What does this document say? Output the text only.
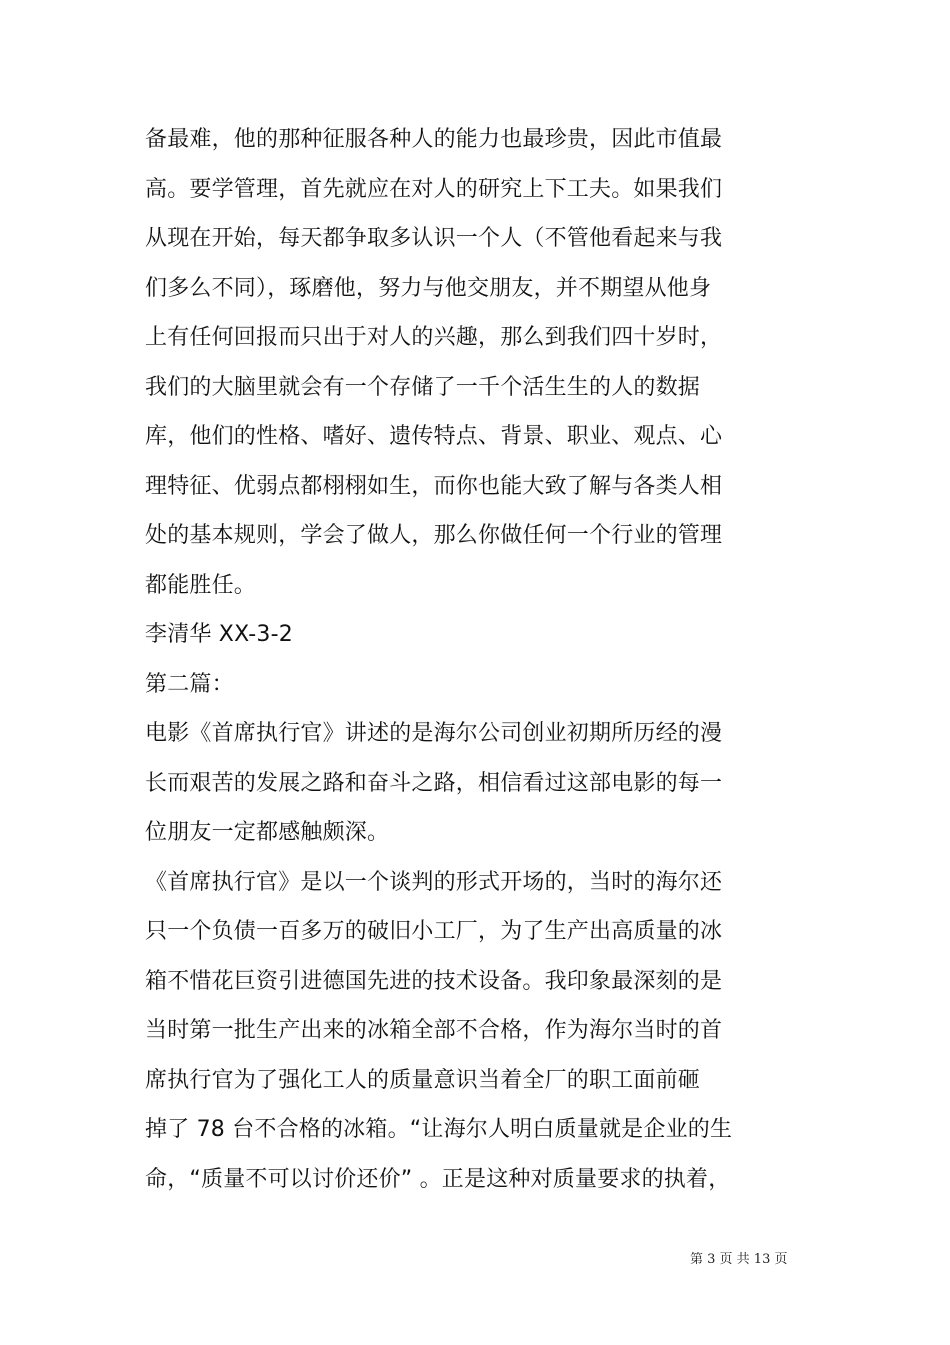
备最难，他的那种征服各种人的能力也最珍贵，因此市值最
高。要学管理，首先就应在对人的研究上下工夫。如果我们
从现在开始，每天都争取多认识一个人（不管他看起来与我
们多么不同），琢磨他，努力与他交朋友，并不期望从他身
上有任何回报而只出于对人的兴趣，那么到我们四十岁时，
我们的大脑里就会有一个存储了一千个活生生的人的数据
库，他们的性格、嗜好、遗传特点、背景、职业、观点、心
理特征、优弱点都栩栩如生，而你也能大致了解与各类人相
处的基本规则，学会了做人，那么你做任何一个行业的管理
都能胜任。
李清华 XX-3-2
第二篇：
电影《首席执行官》讲述的是海尔公司创业初期所历经的漫
长而艰苦的发展之路和奋斗之路，相信看过这部电影的每一
位朋友一定都感触颇深。
《首席执行官》是以一个谈判的形式开场的，当时的海尔还
只一个负债一百多万的破旧小工厂，为了生产出高质量的冰
箱不惜花巨资引进德国先进的技术设备。我印象最深刻的是
当时第一批生产出来的冰箱全部不合格，作为海尔当时的首
席执行官为了强化工人的质量意识当着全厂的职工面前砸
掉了 78 台不合格的冰箱。“让海尔人明白质量就是企业的生
命，“质量不可以讨价还价” 。正是这种对质量要求的执着，
第 3 页 共 13 页
